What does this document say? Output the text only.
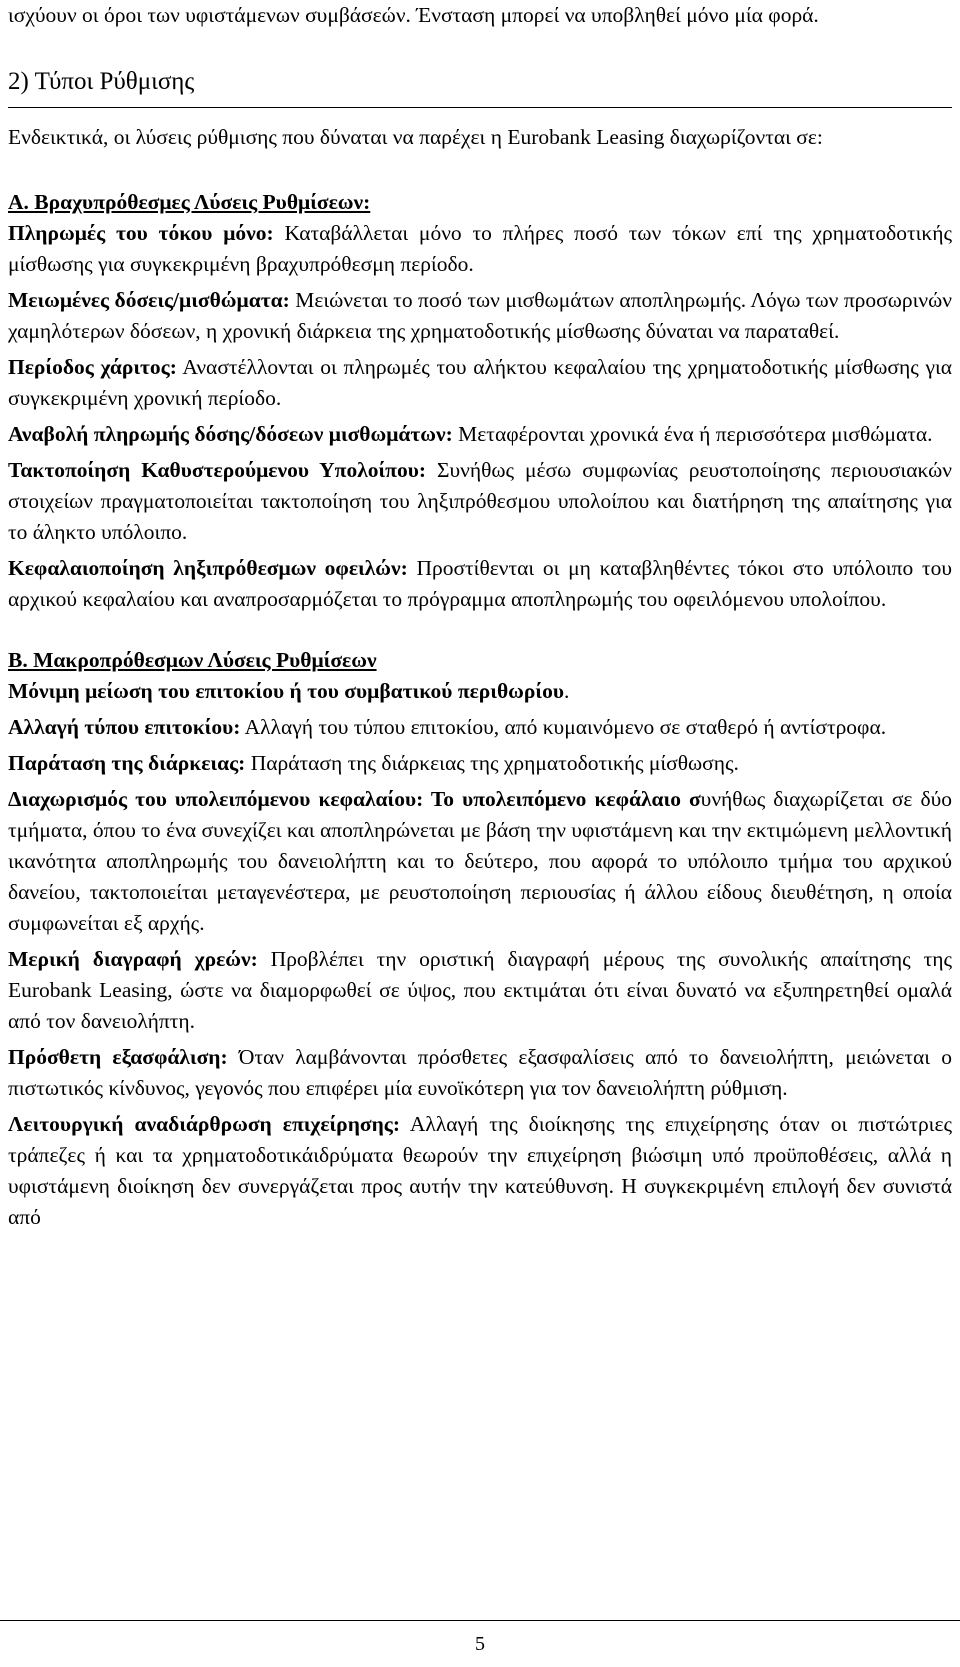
ισχύουν οι όροι των υφιστάμενων συμβάσεών. Ένσταση μπορεί να υποβληθεί μόνο μία φορά.

2) Τύποι Ρύθμισης

Ενδεικτικά, οι λύσεις ρύθμισης που δύναται να παρέχει η Eurobank Leasing διαχωρίζονται σε:

Α. Βραχυπρόθεσμες Λύσεις Ρυθμίσεων:

Πληρωμές του τόκου μόνο: Καταβάλλεται μόνο το πλήρες ποσό των τόκων επί της χρηματοδοτικής μίσθωσης για συγκεκριμένη βραχυπρόθεσμη περίοδο.

Μειωμένες δόσεις/μισθώματα: Μειώνεται το ποσό των μισθωμάτων αποπληρωμής. Λόγω των προσωρινών χαμηλότερων δόσεων, η χρονική διάρκεια της χρηματοδοτικής μίσθωσης δύναται να παραταθεί.

Περίοδος χάριτος: Αναστέλλονται οι πληρωμές του αλήκτου κεφαλαίου της χρηματοδοτικής μίσθωσης για συγκεκριμένη χρονική περίοδο.

Αναβολή πληρωμής δόσης/δόσεων μισθωμάτων: Μεταφέρονται χρονικά ένα ή περισσότερα μισθώματα.

Τακτοποίηση Καθυστερούμενου Υπολοίπου: Συνήθως μέσω συμφωνίας ρευστοποίησης περιουσιακών στοιχείων πραγματοποιείται τακτοποίηση του ληξιπρόθεσμου υπολοίπου και διατήρηση της απαίτησης για το άληκτο υπόλοιπο.

Κεφαλαιοποίηση ληξιπρόθεσμων οφειλών: Προστίθενται οι μη καταβληθέντες τόκοι στο υπόλοιπο του αρχικού κεφαλαίου και αναπροσαρμόζεται το πρόγραμμα αποπληρωμής του οφειλόμενου υπολοίπου.

Β. Μακροπρόθεσμων Λύσεις Ρυθμίσεων

Μόνιμη μείωση του επιτοκίου ή του συμβατικού περιθωρίου.

Αλλαγή τύπου επιτοκίου: Αλλαγή του τύπου επιτοκίου, από κυμαινόμενο σε σταθερό ή αντίστροφα.

Παράταση της διάρκειας: Παράταση της διάρκειας της χρηματοδοτικής μίσθωσης.

Διαχωρισμός του υπολειπόμενου κεφαλαίου: Το υπολειπόμενο κεφάλαιο συνήθως διαχωρίζεται σε δύο τμήματα, όπου το ένα συνεχίζει και αποπληρώνεται με βάση την υφιστάμενη και την εκτιμώμενη μελλοντική ικανότητα αποπληρωμής του δανειολήπτη και το δεύτερο, που αφορά το υπόλοιπο τμήμα του αρχικού δανείου, τακτοποιείται μεταγενέστερα, με ρευστοποίηση περιουσίας ή άλλου είδους διευθέτηση, η οποία συμφωνείται εξ αρχής.

Μερική διαγραφή χρεών: Προβλέπει την οριστική διαγραφή μέρους της συνολικής απαίτησης της Eurobank Leasing, ώστε να διαμορφωθεί σε ύψος, που εκτιμάται ότι είναι δυνατό να εξυπηρετηθεί ομαλά από τον δανειολήπτη.

Πρόσθετη εξασφάλιση: Όταν λαμβάνονται πρόσθετες εξασφαλίσεις από το δανειολήπτη, μειώνεται ο πιστωτικός κίνδυνος, γεγονός που επιφέρει μία ευνοϊκότερη για τον δανειολήπτη ρύθμιση.

Λειτουργική αναδιάρθρωση επιχείρησης: Αλλαγή της διοίκησης της επιχείρησης όταν οι πιστώτριες τράπεζες ή και τα χρηματοδοτικάιδρύματα θεωρούν την επιχείρηση βιώσιμη υπό προϋποθέσεις, αλλά η υφιστάμενη διοίκηση δεν συνεργάζεται προς αυτήν την κατεύθυνση. Η συγκεκριμένη επιλογή δεν συνιστά από

5
